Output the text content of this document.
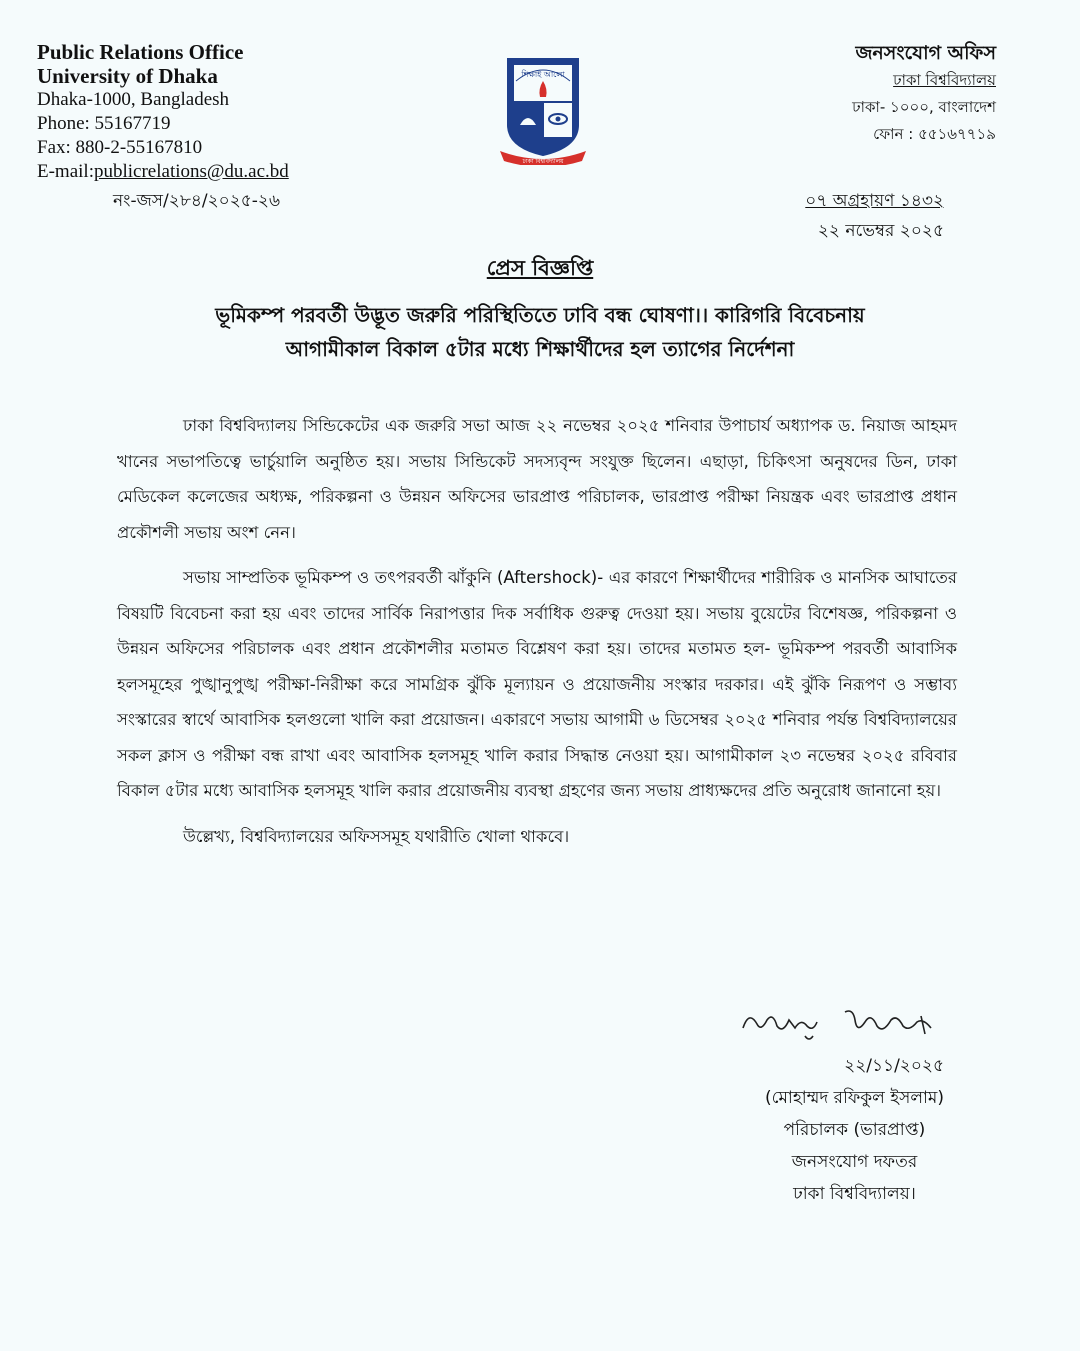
Public Relations Office
University of Dhaka
Dhaka-1000, Bangladesh
Phone: 55167719
Fax: 880-2-55167810
E-mail:publicrelations@du.ac.bd
নং-জস/২৮৪/২০২৫-২৬
শিক্ষাই আলো
ঢাকা বিশ্ববিদ্যালয়
জনসংযোগ অফিস
ঢাকা বিশ্ববিদ্যালয়
ঢাকা- ১০০০, বাংলাদেশ
ফোন : ৫৫১৬৭৭১৯
০৭ অগ্রহায়ণ ১৪৩২
২২ নভেম্বর ২০২৫
প্রেস বিজ্ঞপ্তি
ভূমিকম্প পরবর্তী উদ্ভূত জরুরি পরিস্থিতিতে ঢাবি বন্ধ ঘোষণা।। কারিগরি বিবেচনায়
আগামীকাল বিকাল ৫টার মধ্যে শিক্ষার্থীদের হল ত্যাগের নির্দেশনা

ঢাকা বিশ্ববিদ্যালয় সিন্ডিকেটের এক জরুরি সভা আজ ২২ নভেম্বর ২০২৫ শনিবার উপাচার্য অধ্যাপক ড. নিয়াজ আহমদ খানের সভাপতিত্বে ভার্চুয়ালি অনুষ্ঠিত হয়। সভায় সিন্ডিকেট সদস্যবৃন্দ সংযুক্ত ছিলেন। এছাড়া, চিকিৎসা অনুষদের ডিন, ঢাকা মেডিকেল কলেজের অধ্যক্ষ, পরিকল্পনা ও উন্নয়ন অফিসের ভারপ্রাপ্ত পরিচালক, ভারপ্রাপ্ত পরীক্ষা নিয়ন্ত্রক এবং ভারপ্রাপ্ত প্রধান প্রকৌশলী সভায় অংশ নেন।

সভায় সাম্প্রতিক ভূমিকম্প ও তৎপরবর্তী ঝাঁকুনি (Aftershock)- এর কারণে শিক্ষার্থীদের শারীরিক ও মানসিক আঘাতের বিষয়টি বিবেচনা করা হয় এবং তাদের সার্বিক নিরাপত্তার দিক সর্বাধিক গুরুত্ব দেওয়া হয়। সভায় বুয়েটের বিশেষজ্ঞ, পরিকল্পনা ও উন্নয়ন অফিসের পরিচালক এবং প্রধান প্রকৌশলীর মতামত বিশ্লেষণ করা হয়। তাদের মতামত হল- ভূমিকম্প পরবর্তী আবাসিক হলসমূহের পুঙ্খানুপুঙ্খ পরীক্ষা-নিরীক্ষা করে সামগ্রিক ঝুঁকি মূল্যায়ন ও প্রয়োজনীয় সংস্কার দরকার। এই ঝুঁকি নিরূপণ ও সম্ভাব্য সংস্কারের স্বার্থে আবাসিক হলগুলো খালি করা প্রয়োজন। একারণে সভায় আগামী ৬ ডিসেম্বর ২০২৫ শনিবার পর্যন্ত বিশ্ববিদ্যালয়ের সকল ক্লাস ও পরীক্ষা বন্ধ রাখা এবং আবাসিক হলসমূহ খালি করার সিদ্ধান্ত নেওয়া হয়। আগামীকাল ২৩ নভেম্বর ২০২৫ রবিবার বিকাল ৫টার মধ্যে আবাসিক হলসমূহ খালি করার প্রয়োজনীয় ব্যবস্থা গ্রহণের জন্য সভায় প্রাধ্যক্ষদের প্রতি অনুরোধ জানানো হয়।

উল্লেখ্য, বিশ্ববিদ্যালয়ের অফিসসমূহ যথারীতি খোলা থাকবে।

২২/১১/২০২৫
(মোহাম্মদ রফিকুল ইসলাম)
পরিচালক (ভারপ্রাপ্ত)
জনসংযোগ দফতর
ঢাকা বিশ্ববিদ্যালয়।
